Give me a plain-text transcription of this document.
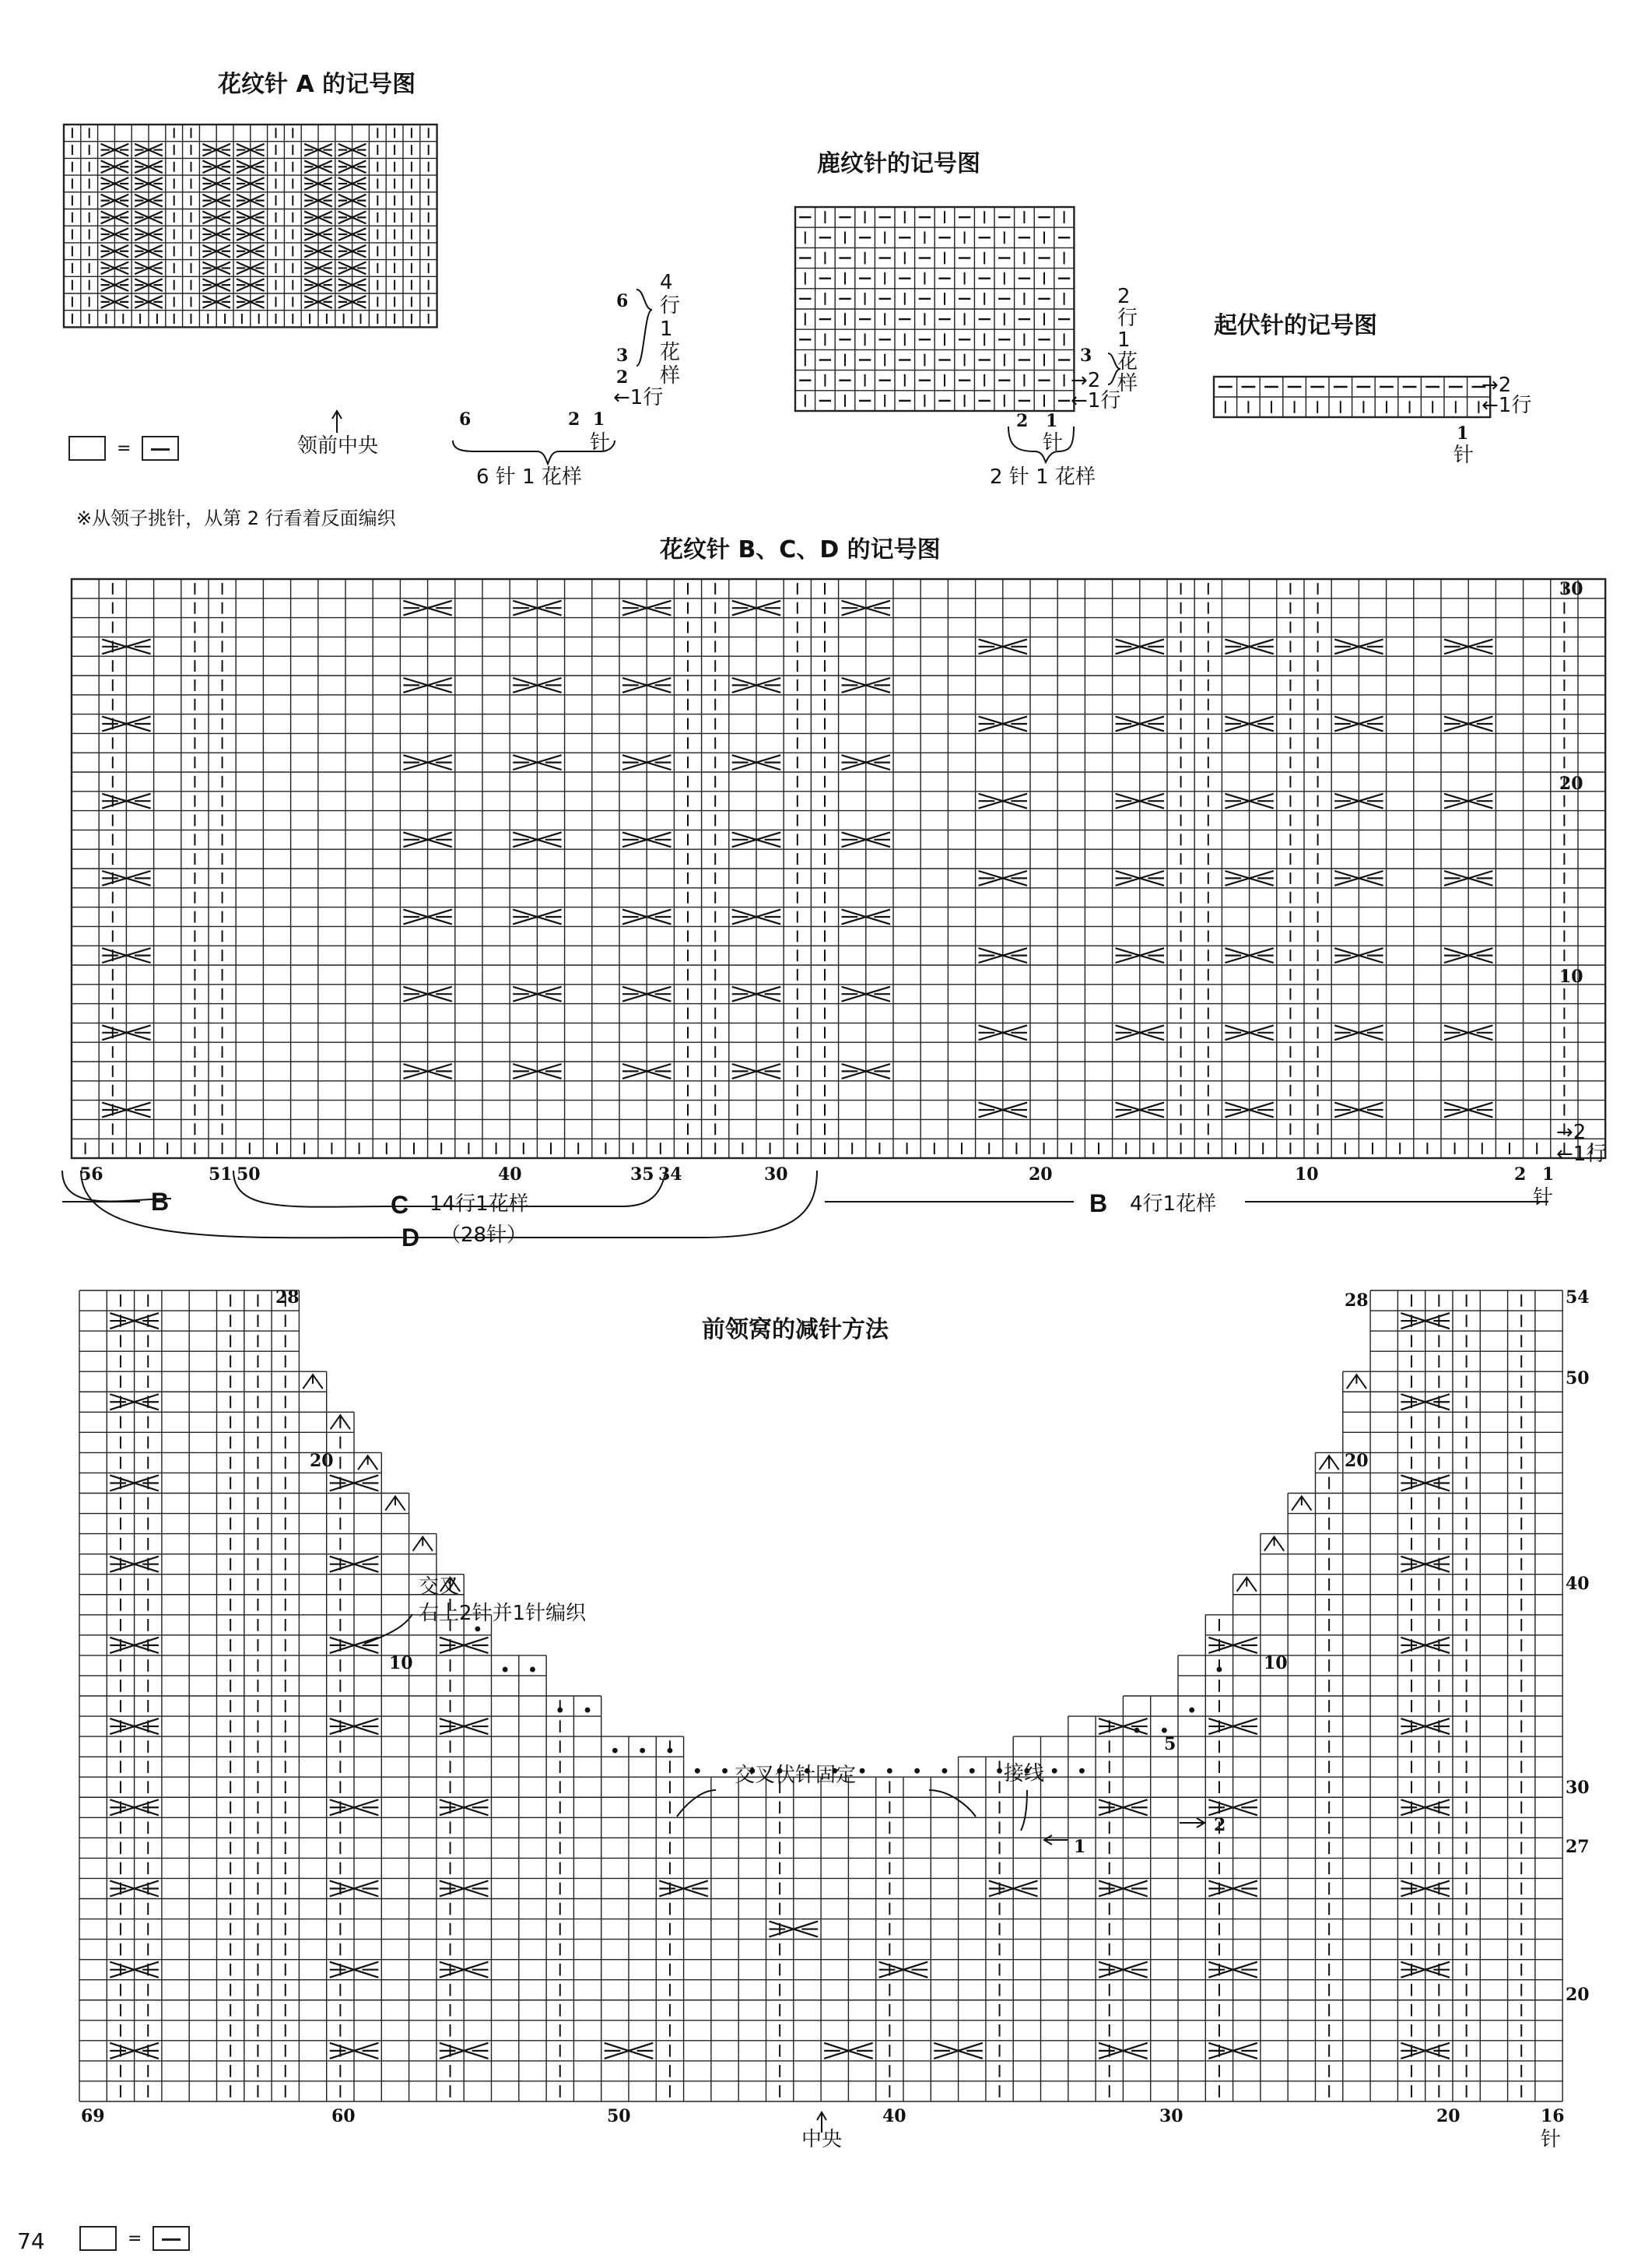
花纹针 A 的记号图
领前中央
←1行
6
3
2
4
行
1
花
样
6	2 1
针
6 针 1 花样
=
鹿纹针的记号图
3
→2
←1行
2
行
1
花
样
2 1
针
2 针 1 花样
起伏针的记号图
→2
←1行
1
针
※从领子挑针，从第 2 行看着反面编织
花纹针 B、C、D 的记号图
30
20
10
→2
←1行
56	51 50	40	35 34	30	20	10	2 1
针
B	C 14行1花样
D （28针）
B 4行1花样
前领窝的减针方法
28
20
10
28
20
10
5
2
1
54
50
40
30
27
20
69	60	50	40	30	20	16
针
中央
交叉
右上2针并1针编织
交叉伏针固定	接线
74	=
